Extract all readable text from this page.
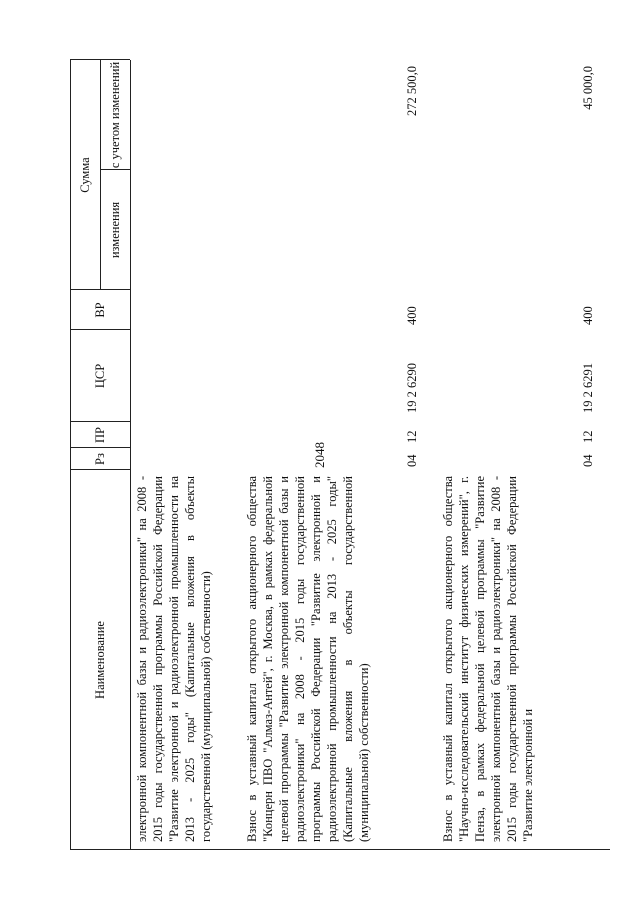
2048
Наименование
Рз
ПР
ЦСР
ВР
Сумма
изменения
с учетом изменений
электронной компонентной базы и радиоэлектроники" на 2008 - 2015 годы государственной программы Российской Федерации "Развитие электронной и радиоэлектронной промышленности на 2013 - 2025 годы" (Капитальные вложения в объекты государственной (муниципальной) собственности)	Взнос в уставный капитал открытого акционерного общества "Концерн ПВО "Алмаз-Антей", г. Москва, в рамках федеральной целевой программы "Развитие электронной компонентной базы и радиоэлектроники" на 2008 - 2015 годы государственной программы Российской Федерации "Развитие электронной и радиоэлектронной промышленности на 2013 - 2025 годы" (Капитальные вложения в объекты государственной (муниципальной) собственности)
04
12
19 2 6290
400
272 500,0
Взнос в уставный капитал открытого акционерного общества "Научно-исследовательский институт физических измерений", г. Пенза, в рамках федеральной целевой программы "Развитие электронной компонентной базы и радиоэлектроники" на 2008 - 2015 годы государственной программы Российской Федерации "Развитие электронной и
04
12
19 2 6291
400
45 000,0
